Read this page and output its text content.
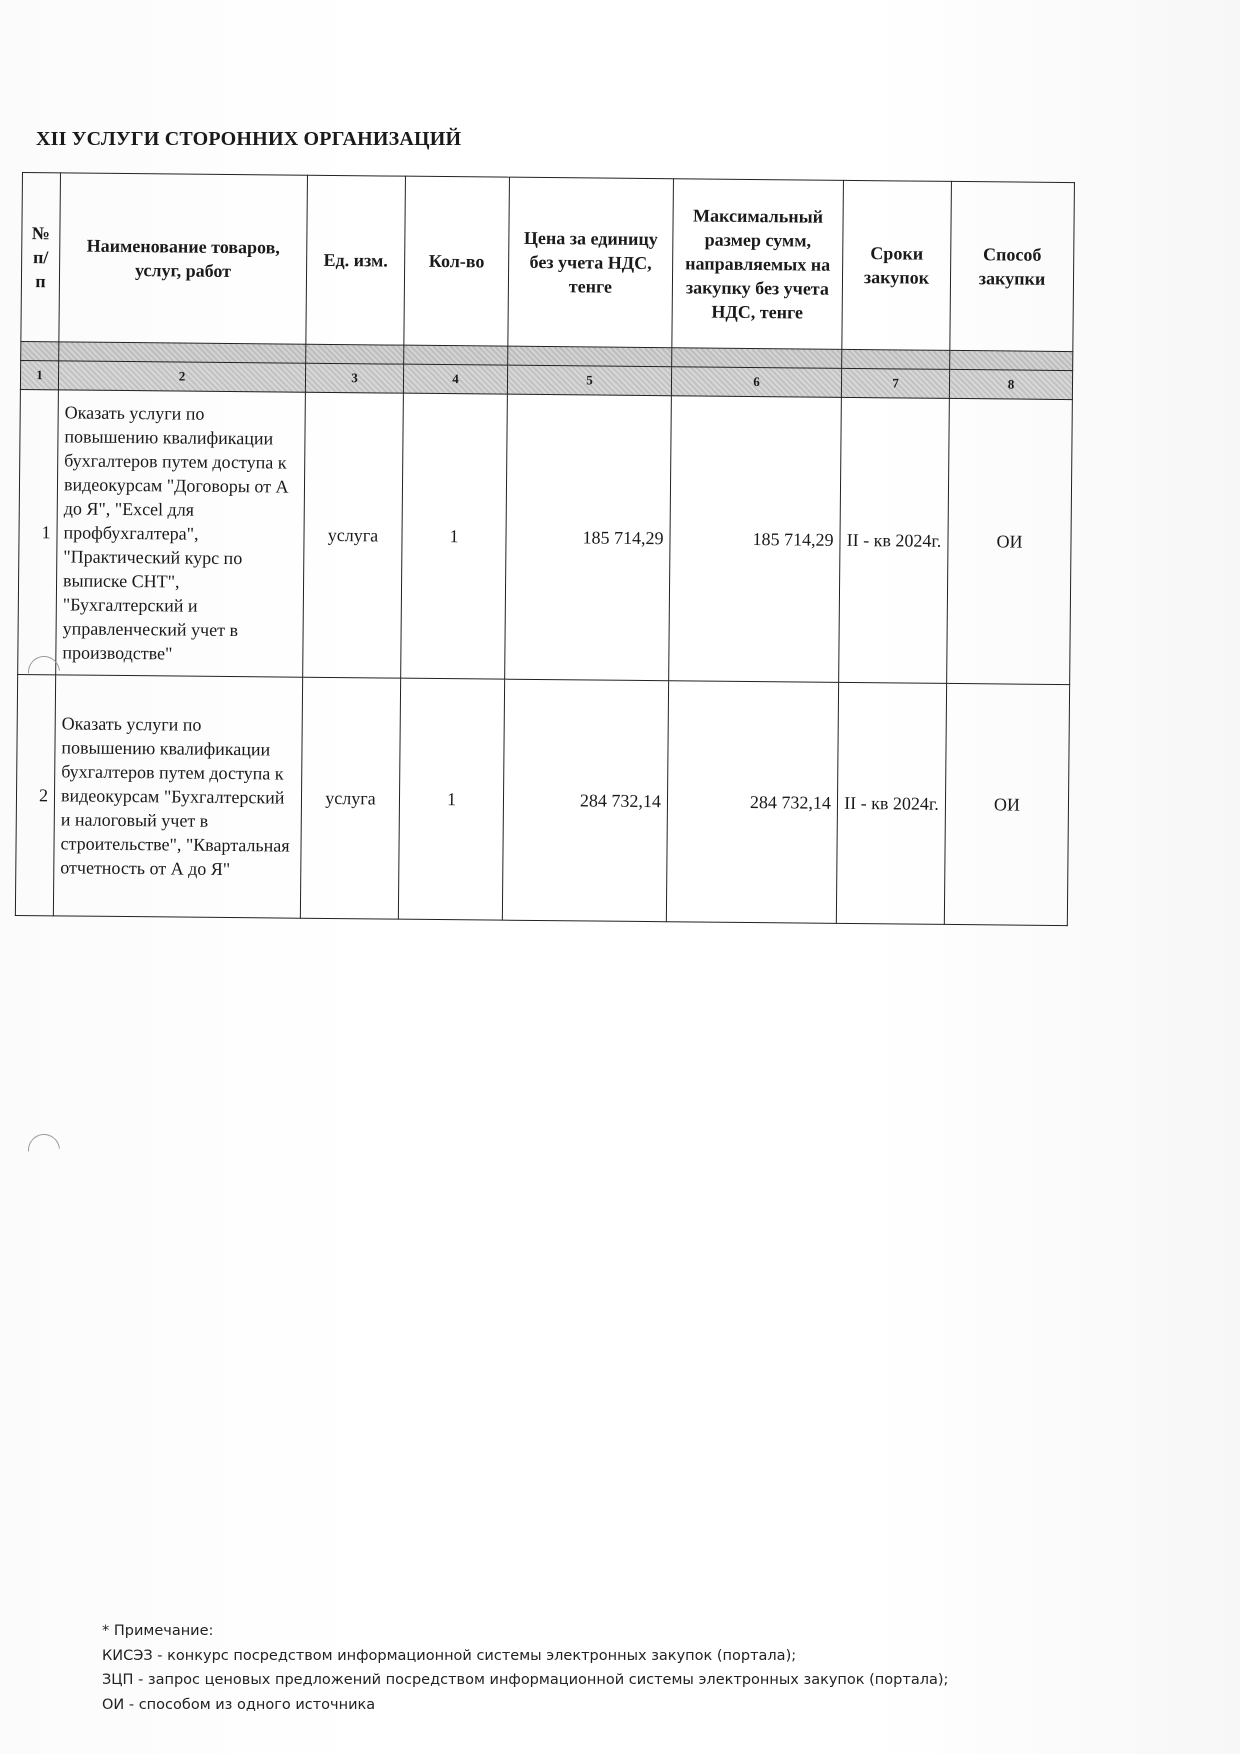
XII УСЛУГИ СТОРОННИХ ОРГАНИЗАЦИЙ
№ п/п	Наименование товаров, услуг, работ	Ед. изм.	Кол-во	Цена за единицу без учета НДС, тенге	Максимальный размер сумм, направляемых на закупку без учета НДС, тенге	Сроки закупок	Способ закупки

1	2	3	4	5	6	7	8
1	Оказать услуги по повышению квалификации бухгалтеров путем доступа к видеокурсам "Договоры от А до Я", "Excel для профбухгалтера", "Практический курс по выписке СНТ", "Бухгалтерский и управленческий учет в производстве"	услуга	1	185 714,29	185 714,29	II - кв 2024г.	ОИ
2	Оказать услуги по повышению квалификации бухгалтеров путем доступа к видеокурсам "Бухгалтерский и налоговый учет в строительстве", "Квартальная отчетность от А до Я"	услуга	1	284 732,14	284 732,14	II - кв 2024г.	ОИ
* Примечание:
КИСЭЗ - конкурс посредством информационной системы электронных закупок (портала);
ЗЦП - запрос ценовых предложений посредством информационной системы электронных закупок (портала);
ОИ - способом из одного источника
